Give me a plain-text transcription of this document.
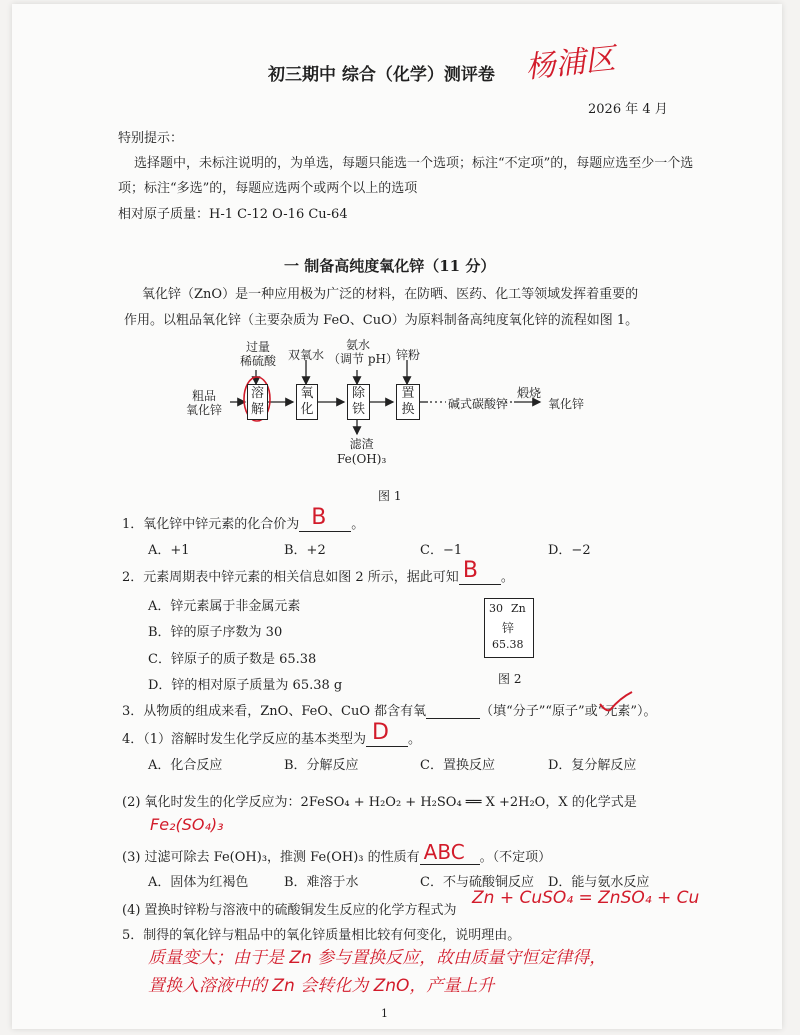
初三期中 综合（化学）测评卷 杨浦区
2026 年 4 月
特别提示：
选择题中，未标注说明的，为单选，每题只能选一个选项；标注“不定项”的，每题应选至少一个选
项；标注“多选”的，每题应选两个或两个以上的选项
相对原子质量：H-1 C-12 O-16 Cu-64
一 制备高纯度氧化锌（11 分）
氧化锌（ZnO）是一种应用极为广泛的材料，在防晒、医药、化工等领域发挥着重要的
作用。以粗品氧化锌（主要杂质为 FeO、CuO）为原料制备高纯度氧化锌的流程如图 1。
粗品
氧化锌
过量
稀硫酸 双氧水
氨水
（调节 pH）
锌粉
溶
解
氧
化
除
铁
置
换
滤渣
Fe(OH)₃
碱式碳酸锌
煅烧
氧化锌
图 1
1．氧化锌中锌元素的化合价为 B 。
A．+1	B．+2	C．−1	D．−2
2．元素周期表中锌元素的相关信息如图 2 所示，据此可知 B 。
A．锌元素属于非金属元素
B．锌的原子序数为 30
C．锌原子的质子数是 65.38
D．锌的相对原子质量为 65.38 g
30 Zn
锌
65.38
图 2
3．从物质的组成来看，ZnO、FeO、CuO 都含有氧	（填“分子”“原子”或“元素”）。
4．（1）溶解时发生化学反应的基本类型为 D 。
A．化合反应	B．分解反应	C．置换反应	D．复分解反应
(2) 氧化时发生的化学反应为：2FeSO₄ + H₂O₂ + H₂SO₄ ══ X +2H₂O，X 的化学式是
Fe₂(SO₄)₃
(3) 过滤可除去 Fe(OH)₃，推测 Fe(OH)₃ 的性质有 ABC 。（不定项）
A．固体为红褐色	B．难溶于水	C．不与硫酸铜反应 D．能与氨水反应
(4) 置换时锌粉与溶液中的硫酸铜发生反应的化学方程式为
Zn + CuSO₄ = ZnSO₄ + Cu
5．制得的氧化锌与粗品中的氧化锌质量相比较有何变化，说明理由。
质量变大；由于是 Zn 参与置换反应，故由质量守恒定律得，
置换入溶液中的 Zn 会转化为 ZnO，产量上升
1
